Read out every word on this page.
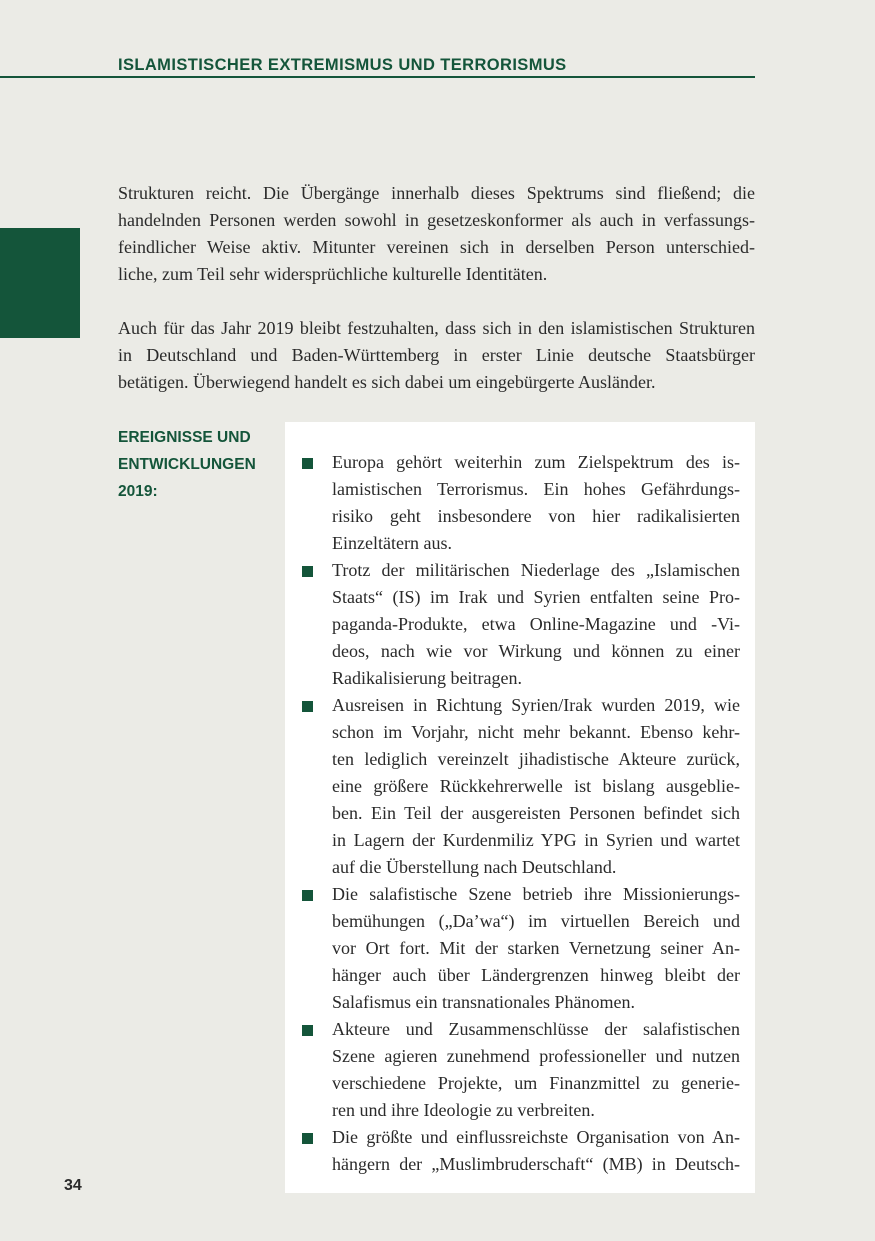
ISLAMISTISCHER EXTREMISMUS UND TERRORISMUS
Strukturen reicht. Die Übergänge innerhalb dieses Spektrums sind fließend; die
handelnden Personen werden sowohl in gesetzeskonformer als auch in verfassungs-
feindlicher Weise aktiv. Mitunter vereinen sich in derselben Person unterschied-
liche, zum Teil sehr widersprüchliche kulturelle Identitäten.
Auch für das Jahr 2019 bleibt festzuhalten, dass sich in den islamistischen Strukturen
in Deutschland und Baden-Württemberg in erster Linie deutsche Staatsbürger
betätigen. Überwiegend handelt es sich dabei um eingebürgerte Ausländer.
EREIGNISSE UND
ENTWICKLUNGEN
2019:
Europa gehört weiterhin zum Zielspektrum des is-
lamistischen Terrorismus. Ein hohes Gefährdungs-
risiko geht insbesondere von hier radikalisierten
Einzeltätern aus.
Trotz der militärischen Niederlage des „Islamischen
Staats“ (IS) im Irak und Syrien entfalten seine Pro-
paganda-Produkte, etwa Online-Magazine und -Vi-
deos, nach wie vor Wirkung und können zu einer
Radikalisierung beitragen.
Ausreisen in Richtung Syrien/Irak wurden 2019, wie
schon im Vorjahr, nicht mehr bekannt. Ebenso kehr-
ten lediglich vereinzelt jihadistische Akteure zurück,
eine größere Rückkehrerwelle ist bislang ausgeblie-
ben. Ein Teil der ausgereisten Personen befindet sich
in Lagern der Kurdenmiliz YPG in Syrien und wartet
auf die Überstellung nach Deutschland.
Die salafistische Szene betrieb ihre Missionierungs-
bemühungen („Da’wa“) im virtuellen Bereich und
vor Ort fort. Mit der starken Vernetzung seiner An-
hänger auch über Ländergrenzen hinweg bleibt der
Salafismus ein transnationales Phänomen.
Akteure und Zusammenschlüsse der salafistischen
Szene agieren zunehmend professioneller und nutzen
verschiedene Projekte, um Finanzmittel zu generie-
ren und ihre Ideologie zu verbreiten.
Die größte und einflussreichste Organisation von An-
hängern der „Muslimbruderschaft“ (MB) in Deutsch-
34
